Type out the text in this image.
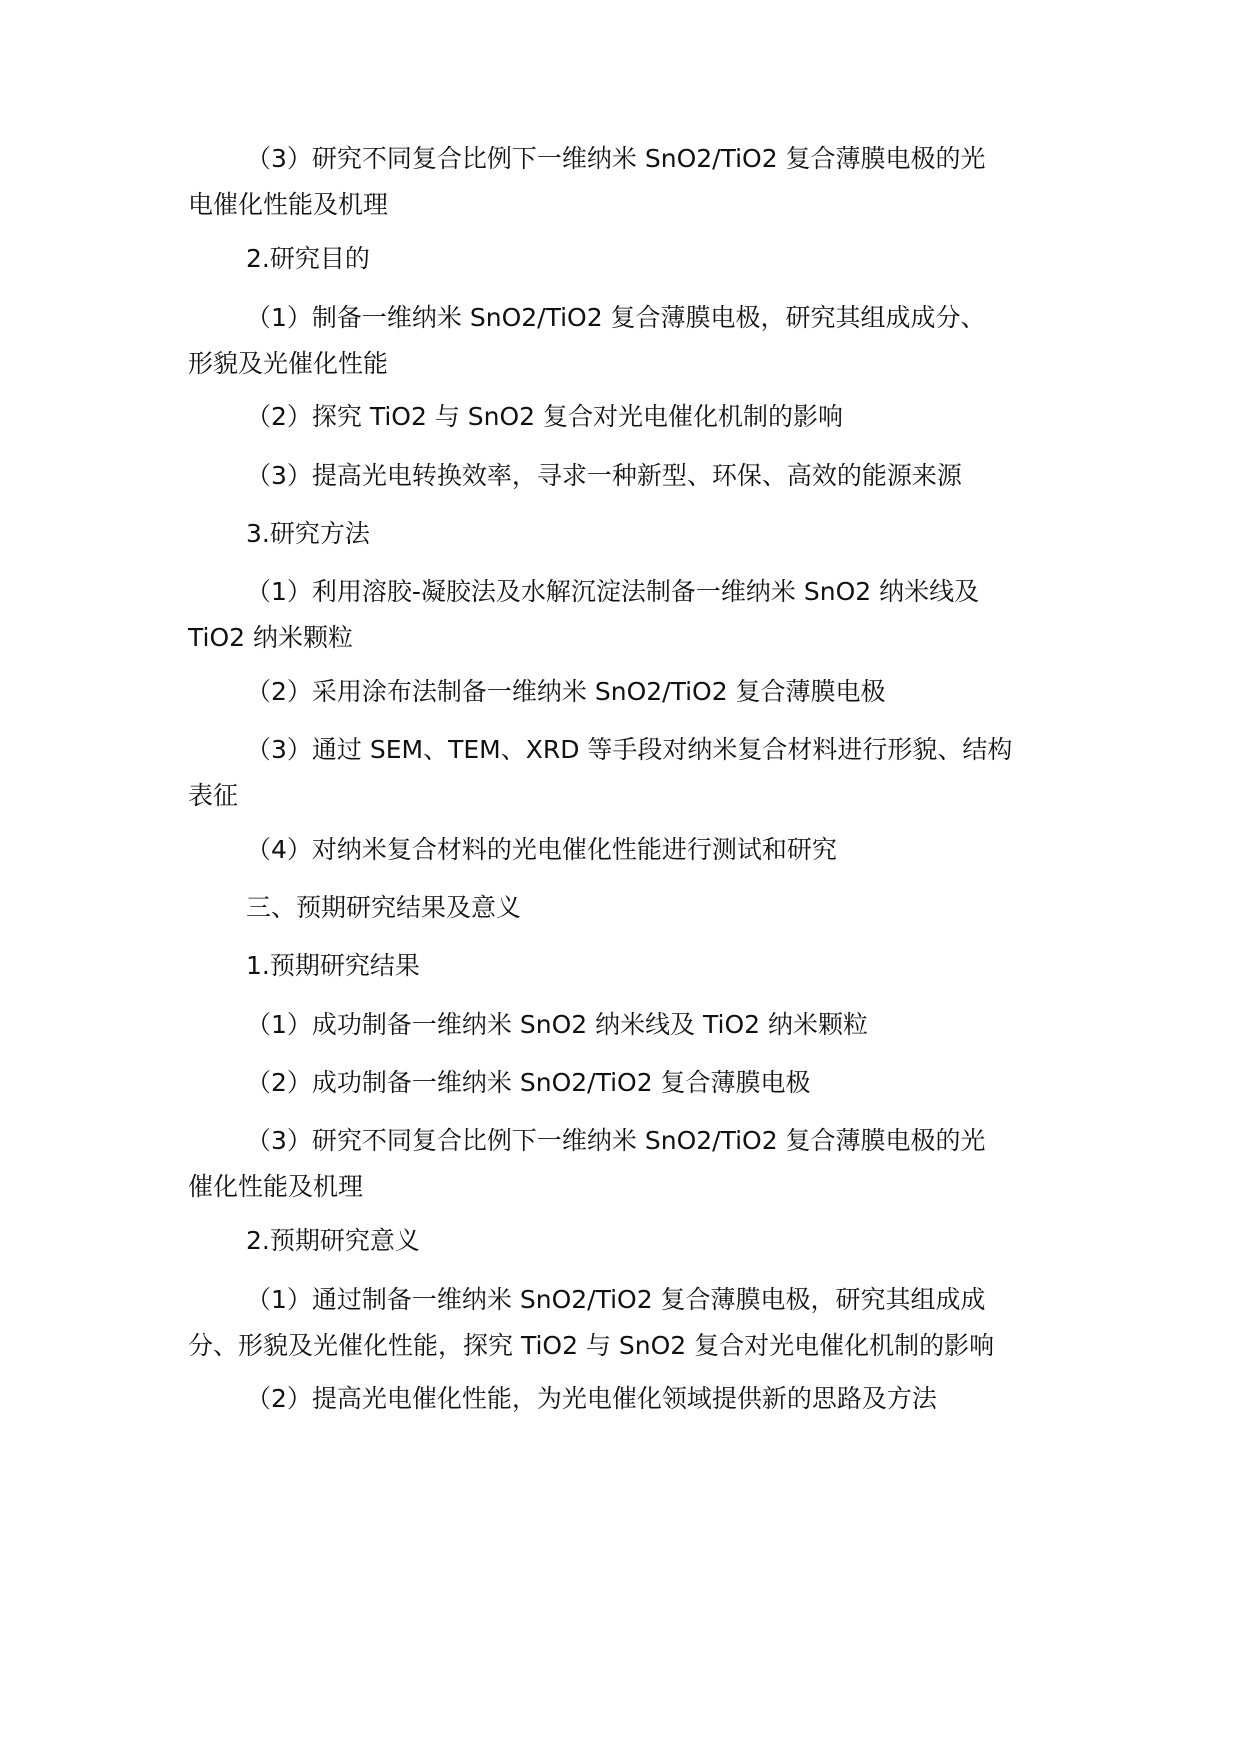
（3）研究不同复合比例下一维纳米 SnO2/TiO2 复合薄膜电极的光
电催化性能及机理

2.研究目的

（1）制备一维纳米 SnO2/TiO2 复合薄膜电极，研究其组成成分、
形貌及光催化性能

（2）探究 TiO2 与 SnO2 复合对光电催化机制的影响

（3）提高光电转换效率，寻求一种新型、环保、高效的能源来源

3.研究方法

（1）利用溶胶-凝胶法及水解沉淀法制备一维纳米 SnO2 纳米线及
TiO2 纳米颗粒

（2）采用涂布法制备一维纳米 SnO2/TiO2 复合薄膜电极

（3）通过 SEM、TEM、XRD 等手段对纳米复合材料进行形貌、结构
表征

（4）对纳米复合材料的光电催化性能进行测试和研究

三、预期研究结果及意义

1.预期研究结果

（1）成功制备一维纳米 SnO2 纳米线及 TiO2 纳米颗粒

（2）成功制备一维纳米 SnO2/TiO2 复合薄膜电极

（3）研究不同复合比例下一维纳米 SnO2/TiO2 复合薄膜电极的光
催化性能及机理

2.预期研究意义

（1）通过制备一维纳米 SnO2/TiO2 复合薄膜电极，研究其组成成
分、形貌及光催化性能，探究 TiO2 与 SnO2 复合对光电催化机制的影响

（2）提高光电催化性能，为光电催化领域提供新的思路及方法
